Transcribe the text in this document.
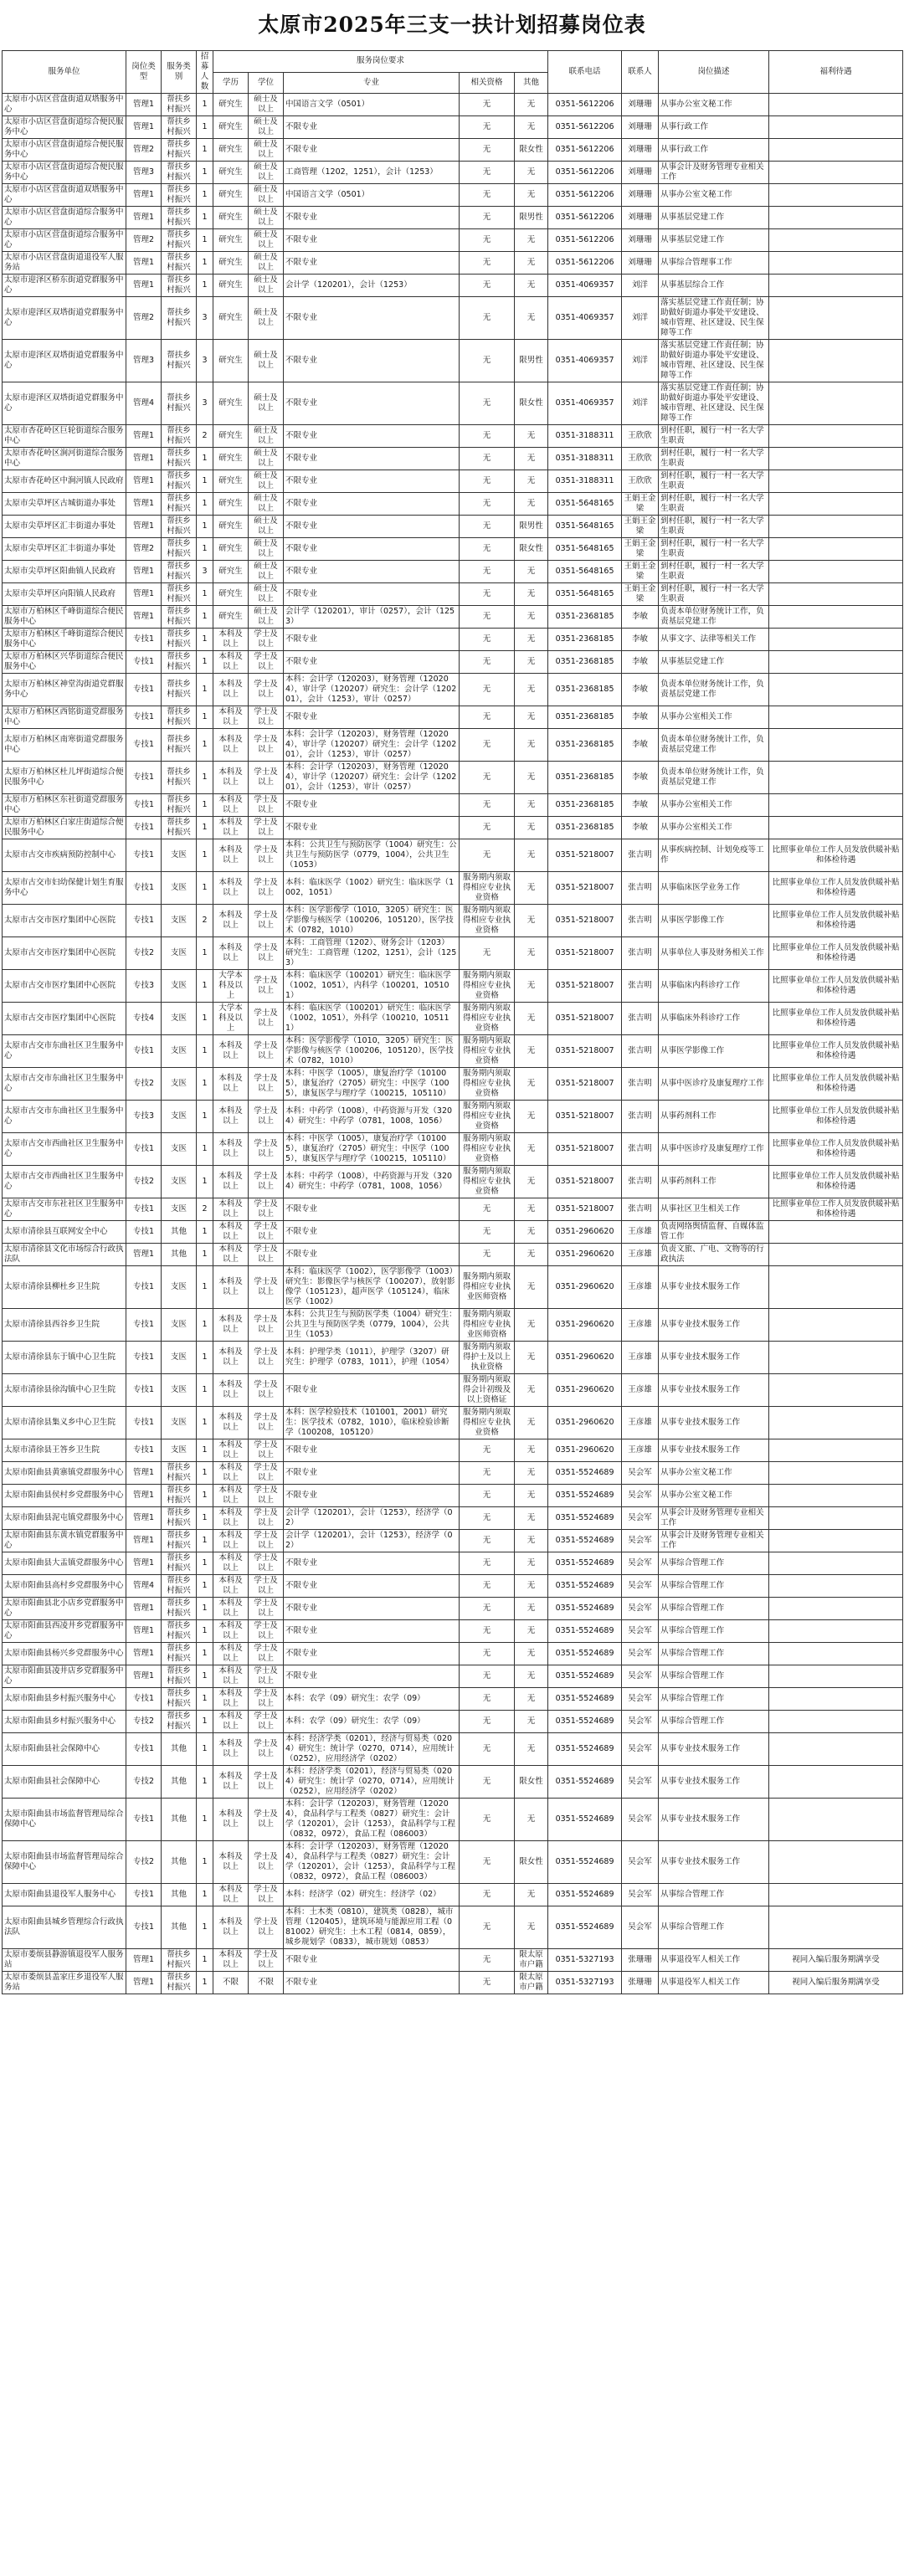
太原市2025年三支一扶计划招募岗位表
服务单位	岗位类型	服务类别	招募人数	服务岗位要求					联系电话	联系人	岗位描述	福利待遇
				学历	学位	专业	相关资格	其他				
太原市小店区营盘街道双塔服务中心	管理1	帮扶乡村振兴	1	研究生	硕士及以上	中国语言文学（0501）	无	无	0351-5612206	刘珊珊	从事办公室文秘工作	
太原市小店区营盘街道综合便民服务中心	管理1	帮扶乡村振兴	1	研究生	硕士及以上	不限专业	无	无	0351-5612206	刘珊珊	从事行政工作	
太原市小店区营盘街道综合便民服务中心	管理2	帮扶乡村振兴	1	研究生	硕士及以上	不限专业	无	限女性	0351-5612206	刘珊珊	从事行政工作	
太原市小店区营盘街道综合便民服务中心	管理3	帮扶乡村振兴	1	研究生	硕士及以上	工商管理（1202，1251），会计（1253）	无	无	0351-5612206	刘珊珊	从事会计及财务管理专业相关工作	
太原市小店区营盘街道双塔服务中心	管理1	帮扶乡村振兴	1	研究生	硕士及以上	中国语言文学（0501）	无	无	0351-5612206	刘珊珊	从事办公室文秘工作	
太原市小店区营盘街道综合服务中心	管理1	帮扶乡村振兴	1	研究生	硕士及以上	不限专业	无	限男性	0351-5612206	刘珊珊	从事基层党建工作	
太原市小店区营盘街道综合服务中心	管理2	帮扶乡村振兴	1	研究生	硕士及以上	不限专业	无	无	0351-5612206	刘珊珊	从事基层党建工作	
太原市小店区营盘街道退役军人服务站	管理1	帮扶乡村振兴	1	研究生	硕士及以上	不限专业	无	无	0351-5612206	刘珊珊	从事综合管理事工作	
太原市迎泽区桥东街道党群服务中心	管理1	帮扶乡村振兴	1	研究生	硕士及以上	会计学（120201），会计（1253）	无	无	0351-4069357	刘洋	从事基层综合工作	
太原市迎泽区双塔街道党群服务中心	管理2	帮扶乡村振兴	3	研究生	硕士及以上	不限专业	无	无	0351-4069357	刘洋	落实基层党建工作责任制；协助做好街道办事处平安建设、城市管理、社区建设、民生保障等工作	
太原市迎泽区双塔街道党群服务中心	管理3	帮扶乡村振兴	3	研究生	硕士及以上	不限专业	无	限男性	0351-4069357	刘洋	落实基层党建工作责任制；协助做好街道办事处平安建设、城市管理、社区建设、民生保障等工作	
太原市迎泽区双塔街道党群服务中心	管理4	帮扶乡村振兴	3	研究生	硕士及以上	不限专业	无	限女性	0351-4069357	刘洋	落实基层党建工作责任制；协助做好街道办事处平安建设、城市管理、社区建设、民生保障等工作	
太原市杏花岭区巨轮街道综合服务中心	管理1	帮扶乡村振兴	2	研究生	硕士及以上	不限专业	无	无	0351-3188311	王欣欣	到村任职，履行一村一名大学生职责	
太原市杏花岭区涧河街道综合服务中心	管理1	帮扶乡村振兴	1	研究生	硕士及以上	不限专业	无	无	0351-3188311	王欣欣	到村任职，履行一村一名大学生职责	
太原市杏花岭区中涧河镇人民政府	管理1	帮扶乡村振兴	1	研究生	硕士及以上	不限专业	无	无	0351-3188311	王欣欣	到村任职，履行一村一名大学生职责	
太原市尖草坪区古城街道办事处	管理1	帮扶乡村振兴	1	研究生	硕士及以上	不限专业	无	无	0351-5648165	王娟王金梁	到村任职，履行一村一名大学生职责	
太原市尖草坪区汇丰街道办事处	管理1	帮扶乡村振兴	1	研究生	硕士及以上	不限专业	无	限男性	0351-5648165	王娟王金梁	到村任职，履行一村一名大学生职责	
太原市尖草坪区汇丰街道办事处	管理2	帮扶乡村振兴	1	研究生	硕士及以上	不限专业	无	限女性	0351-5648165	王娟王金梁	到村任职，履行一村一名大学生职责	
太原市尖草坪区阳曲镇人民政府	管理1	帮扶乡村振兴	3	研究生	硕士及以上	不限专业	无	无	0351-5648165	王娟王金梁	到村任职，履行一村一名大学生职责	
太原市尖草坪区向阳镇人民政府	管理1	帮扶乡村振兴	1	研究生	硕士及以上	不限专业	无	无	0351-5648165	王娟王金梁	到村任职，履行一村一名大学生职责	
太原市万柏林区千峰街道综合便民服务中心	管理1	帮扶乡村振兴	1	研究生	硕士及以上	会计学（120201），审计（0257），会计（1253）	无	无	0351-2368185	李敏	负责本单位财务统计工作，负责基层党建工作	
太原市万柏林区千峰街道综合便民服务中心	专技1	帮扶乡村振兴	1	本科及以上	学士及以上	不限专业	无	无	0351-2368185	李敏	从事文字、法律等相关工作	
太原市万柏林区兴华街道综合便民服务中心	专技1	帮扶乡村振兴	1	本科及以上	学士及以上	不限专业	无	无	0351-2368185	李敏	从事基层党建工作	
太原市万柏林区神堂沟街道党群服务中心	专技1	帮扶乡村振兴	1	本科及以上	学士及以上	本科：会计学（120203），财务管理（120204），审计学（120207）研究生：会计学（120201），会计（1253），审计（0257）	无	无	0351-2368185	李敏	负责本单位财务统计工作，负责基层党建工作	
太原市万柏林区西铭街道党群服务中心	专技1	帮扶乡村振兴	1	本科及以上	学士及以上	不限专业	无	无	0351-2368185	李敏	从事办公室相关工作	
太原市万柏林区南寒街道党群服务中心	专技1	帮扶乡村振兴	1	本科及以上	学士及以上	本科：会计学（120203），财务管理（120204），审计学（120207）研究生：会计学（120201），会计（1253），审计（0257）	无	无	0351-2368185	李敏	负责本单位财务统计工作，负责基层党建工作	
太原市万柏林区杜儿坪街道综合便民服务中心	专技1	帮扶乡村振兴	1	本科及以上	学士及以上	本科：会计学（120203），财务管理（120204），审计学（120207）研究生：会计学（120201），会计（1253），审计（0257）	无	无	0351-2368185	李敏	负责本单位财务统计工作，负责基层党建工作	
太原市万柏林区东社街道党群服务中心	专技1	帮扶乡村振兴	1	本科及以上	学士及以上	不限专业	无	无	0351-2368185	李敏	从事办公室相关工作	
太原市万柏林区白家庄街道综合便民服务中心	专技1	帮扶乡村振兴	1	本科及以上	学士及以上	不限专业	无	无	0351-2368185	李敏	从事办公室相关工作	
太原市古交市疾病预防控制中心	专技1	支医	1	本科及以上	学士及以上	本科：公共卫生与预防医学（1004）研究生：公共卫生与预防医学（0779，1004），公共卫生（1053）	无	无	0351-5218007	张吉明	从事疾病控制、计划免疫等工作	比照事业单位工作人员发放供暖补贴和体检待遇
太原市古交市妇幼保健计划生育服务中心	专技1	支医	1	本科及以上	学士及以上	本科：临床医学（1002）研究生：临床医学（1002，1051）	服务期内须取得相应专业执业资格	无	0351-5218007	张吉明	从事临床医学业务工作	比照事业单位工作人员发放供暖补贴和体检待遇
太原市古交市医疗集团中心医院	专技1	支医	2	本科及以上	学士及以上	本科：医学影像学（1010，3205）研究生：医学影像与核医学（100206，105120），医学技术（0782，1010）	服务期内须取得相应专业执业资格	无	0351-5218007	张吉明	从事医学影像工作	比照事业单位工作人员发放供暖补贴和体检待遇
太原市古交市医疗集团中心医院	专技2	支医	1	本科及以上	学士及以上	本科：工商管理（1202）、财务会计（1203）研究生：工商管理（1202，1251），会计（1253）	无	无	0351-5218007	张吉明	从事单位人事及财务相关工作	比照事业单位工作人员发放供暖补贴和体检待遇
太原市古交市医疗集团中心医院	专技3	支医	1	大学本科及以上	学士及以上	本科：临床医学（100201）研究生：临床医学（1002，1051），内科学（100201，105101）	服务期内须取得相应专业执业资格	无	0351-5218007	张吉明	从事临床内科诊疗工作	比照事业单位工作人员发放供暖补贴和体检待遇
太原市古交市医疗集团中心医院	专技4	支医	1	大学本科及以上	学士及以上	本科：临床医学（100201）研究生：临床医学（1002，1051），外科学（100210，105111）	服务期内须取得相应专业执业资格	无	0351-5218007	张吉明	从事临床外科诊疗工作	比照事业单位工作人员发放供暖补贴和体检待遇
太原市古交市东曲社区卫生服务中心	专技1	支医	1	本科及以上	学士及以上	本科：医学影像学（1010，3205）研究生：医学影像与核医学（100206，105120），医学技术（0782，1010）	服务期内须取得相应专业执业资格	无	0351-5218007	张吉明	从事医学影像工作	比照事业单位工作人员发放供暖补贴和体检待遇
太原市古交市东曲社区卫生服务中心	专技2	支医	1	本科及以上	学士及以上	本科：中医学（1005），康复治疗学（101005），康复治疗（2705）研究生：中医学（1005），康复医学与理疗学（100215，105110）	服务期内须取得相应专业执业资格	无	0351-5218007	张吉明	从事中医诊疗及康复理疗工作	比照事业单位工作人员发放供暖补贴和体检待遇
太原市古交市东曲社区卫生服务中心	专技3	支医	1	本科及以上	学士及以上	本科：中药学（1008），中药资源与开发（3204）研究生：中药学（0781，1008，1056）	服务期内须取得相应专业执业资格	无	0351-5218007	张吉明	从事药剂科工作	比照事业单位工作人员发放供暖补贴和体检待遇
太原市古交市西曲社区卫生服务中心	专技1	支医	1	本科及以上	学士及以上	本科：中医学（1005），康复治疗学（101005），康复治疗（2705）研究生：中医学（1005），康复医学与理疗学（100215，105110）	服务期内须取得相应专业执业资格	无	0351-5218007	张吉明	从事中医诊疗及康复理疗工作	比照事业单位工作人员发放供暖补贴和体检待遇
太原市古交市西曲社区卫生服务中心	专技2	支医	1	本科及以上	学士及以上	本科：中药学（1008），中药资源与开发（3204）研究生：中药学（0781，1008，1056）	服务期内须取得相应专业执业资格	无	0351-5218007	张吉明	从事药剂科工作	比照事业单位工作人员发放供暖补贴和体检待遇
太原市古交市东社社区卫生服务中心	专技1	支医	2	本科及以上	学士及以上	不限专业	无	无	0351-5218007	张吉明	从事社区卫生相关工作	比照事业单位工作人员发放供暖补贴和体检待遇
太原市清徐县互联网安全中心	专技1	其他	1	本科及以上	学士及以上	不限专业	无	无	0351-2960620	王彦雄	负责网络舆情监督、自媒体监管工作	
太原市清徐县文化市场综合行政执法队	管理1	其他	1	本科及以上	学士及以上	不限专业	无	无	0351-2960620	王彦雄	负责文旅、广电、文物等的行政执法	
太原市清徐县柳杜乡卫生院	专技1	支医	1	本科及以上	学士及以上	本科：临床医学（1002），医学影像学（1003）研究生：影像医学与核医学（100207），放射影像学（105123），超声医学（105124），临床医学（1002）	服务期内须取得相应专业执业医师资格	无	0351-2960620	王彦雄	从事专业技术服务工作	
太原市清徐县西谷乡卫生院	专技1	支医	1	本科及以上	学士及以上	本科：公共卫生与预防医学类（1004）研究生：公共卫生与预防医学类（0779，1004），公共卫生（1053）	服务期内须取得相应专业执业医师资格	无	0351-2960620	王彦雄	从事专业技术服务工作	
太原市清徐县东于镇中心卫生院	专技1	支医	1	本科及以上	学士及以上	本科：护理学类（1011），护理学（3207）研究生：护理学（0783，1011），护理（1054）	服务期内须取得护士及以上执业资格	无	0351-2960620	王彦雄	从事专业技术服务工作	
太原市清徐县徐沟镇中心卫生院	专技1	支医	1	本科及以上	学士及以上	不限专业	服务期内须取得会计初级及以上资格证	无	0351-2960620	王彦雄	从事专业技术服务工作	
太原市清徐县集义乡中心卫生院	专技1	支医	1	本科及以上	学士及以上	本科：医学检验技术（101001，2001）研究生：医学技术（0782，1010），临床检验诊断学（100208，105120）	服务期内须取得相应专业执业资格	无	0351-2960620	王彦雄	从事专业技术服务工作	
太原市清徐县王答乡卫生院	专技1	支医	1	本科及以上	学士及以上	不限专业	无	无	0351-2960620	王彦雄	从事专业技术服务工作	
太原市阳曲县黄寨镇党群服务中心	管理1	帮扶乡村振兴	1	本科及以上	学士及以上	不限专业	无	无	0351-5524689	吴会军	从事办公室文秘工作	
太原市阳曲县侯村乡党群服务中心	管理1	帮扶乡村振兴	1	本科及以上	学士及以上	不限专业	无	无	0351-5524689	吴会军	从事办公室文秘工作	
太原市阳曲县泥屯镇党群服务中心	管理1	帮扶乡村振兴	1	本科及以上	学士及以上	会计学（120201），会计（1253），经济学（02）	无	无	0351-5524689	吴会军	从事会计及财务管理专业相关工作	
太原市阳曲县东黄水镇党群服务中心	管理1	帮扶乡村振兴	1	本科及以上	学士及以上	会计学（120201），会计（1253），经济学（02）	无	无	0351-5524689	吴会军	从事会计及财务管理专业相关工作	
太原市阳曲县大盂镇党群服务中心	管理1	帮扶乡村振兴	1	本科及以上	学士及以上	不限专业	无	无	0351-5524689	吴会军	从事综合管理工作	
太原市阳曲县高村乡党群服务中心	管理4	帮扶乡村振兴	1	本科及以上	学士及以上	不限专业	无	无	0351-5524689	吴会军	从事综合管理工作	
太原市阳曲县北小店乡党群服务中心	管理1	帮扶乡村振兴	1	本科及以上	学士及以上	不限专业	无	无	0351-5524689	吴会军	从事综合管理工作	
太原市阳曲县西凌井乡党群服务中心	管理1	帮扶乡村振兴	1	本科及以上	学士及以上	不限专业	无	无	0351-5524689	吴会军	从事综合管理工作	
太原市阳曲县杨兴乡党群服务中心	管理1	帮扶乡村振兴	1	本科及以上	学士及以上	不限专业	无	无	0351-5524689	吴会军	从事综合管理工作	
太原市阳曲县凌井店乡党群服务中心	管理1	帮扶乡村振兴	1	本科及以上	学士及以上	不限专业	无	无	0351-5524689	吴会军	从事综合管理工作	
太原市阳曲县乡村振兴服务中心	专技1	帮扶乡村振兴	1	本科及以上	学士及以上	本科：农学（09）研究生：农学（09）	无	无	0351-5524689	吴会军	从事综合管理工作	
太原市阳曲县乡村振兴服务中心	专技2	帮扶乡村振兴	1	本科及以上	学士及以上	本科：农学（09）研究生：农学（09）	无	无	0351-5524689	吴会军	从事综合管理工作	
太原市阳曲县社会保障中心	专技1	其他	1	本科及以上	学士及以上	本科：经济学类（0201），经济与贸易类（0204）研究生：统计学（0270，0714），应用统计（0252），应用经济学（0202）	无	无	0351-5524689	吴会军	从事专业技术服务工作	
太原市阳曲县社会保障中心	专技2	其他	1	本科及以上	学士及以上	本科：经济学类（0201），经济与贸易类（0204）研究生：统计学（0270，0714），应用统计（0252），应用经济学（0202）	无	限女性	0351-5524689	吴会军	从事专业技术服务工作	
太原市阳曲县市场监督管理局综合保障中心	专技1	其他	1	本科及以上	学士及以上	本科：会计学（120203），财务管理（120204），食品科学与工程类（0827）研究生：会计学（120201），会计（1253），食品科学与工程（0832，0972），食品工程（086003）	无	无	0351-5524689	吴会军	从事专业技术服务工作	
太原市阳曲县市场监督管理局综合保障中心	专技2	其他	1	本科及以上	学士及以上	本科：会计学（120203），财务管理（120204），食品科学与工程类（0827）研究生：会计学（120201），会计（1253），食品科学与工程（0832，0972），食品工程（086003）	无	限女性	0351-5524689	吴会军	从事专业技术服务工作	
太原市阳曲县退役军人服务中心	专技1	其他	1	本科及以上	学士及以上	本科：经济学（02）研究生：经济学（02）	无	无	0351-5524689	吴会军	从事综合管理工作	
太原市阳曲县城乡管理综合行政执法队	专技1	其他	1	本科及以上	学士及以上	本科：土木类（0810），建筑类（0828），城市管理（120405），建筑环境与能源应用工程（081002）研究生：土木工程（0814，0859），城乡规划学（0833），城市规划（0853）	无	无	0351-5524689	吴会军	从事综合管理工作	
太原市娄烦县静游镇退役军人服务站	管理1	帮扶乡村振兴	1	本科及以上	学士及以上	不限专业	无	限太原市户籍	0351-5327193	张珊珊	从事退役军人相关工作	视同入编后服务期满享受
太原市娄烦县盖家庄乡退役军人服务站	管理1	帮扶乡村振兴	1	不限	不限	不限专业	无	限太原市户籍	0351-5327193	张珊珊	从事退役军人相关工作	视同入编后服务期满享受
